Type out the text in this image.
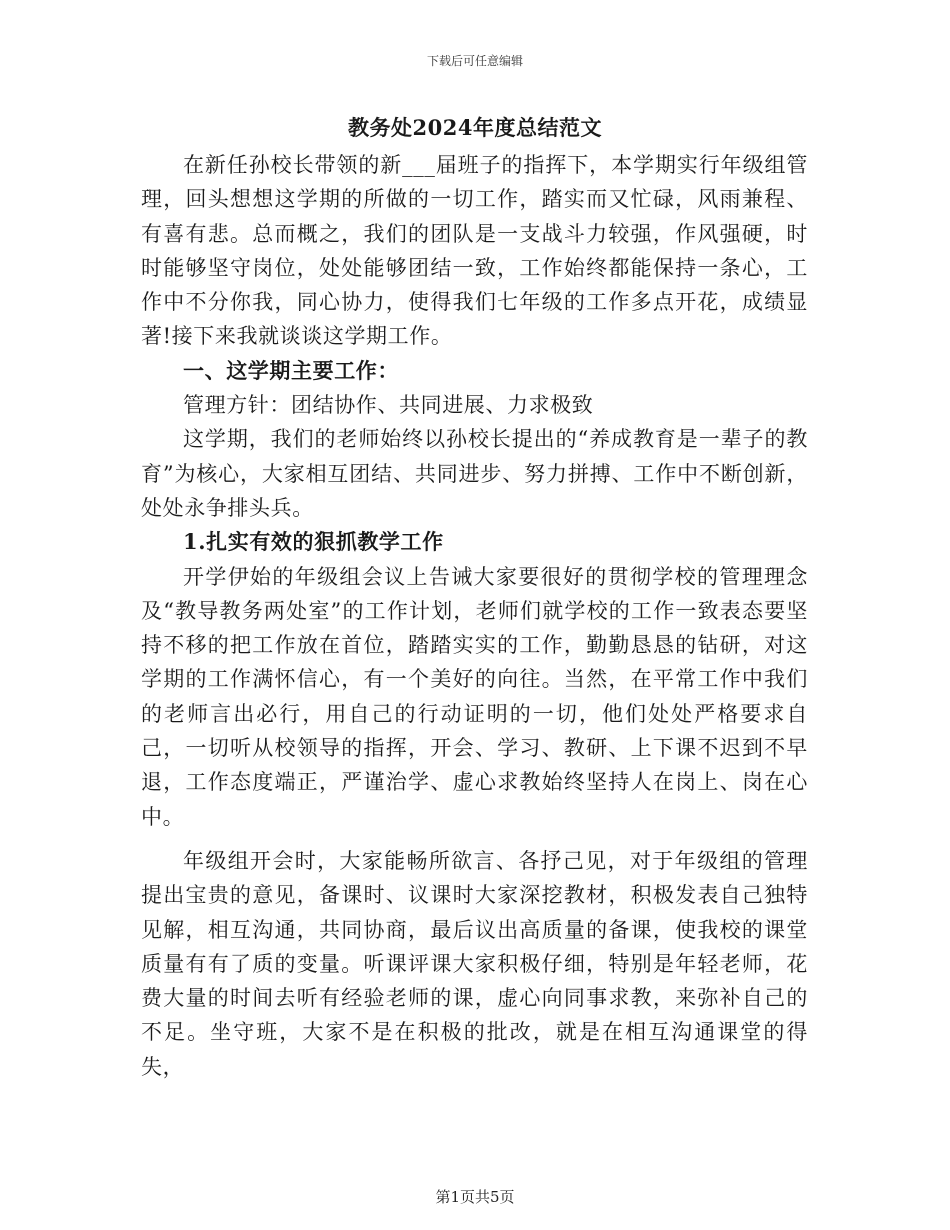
下载后可任意编辑
教务处2024年度总结范文

在新任孙校长带领的新___届班子的指挥下，本学期实行年级组管理，回头想想这学期的所做的一切工作，踏实而又忙碌，风雨兼程、有喜有悲。总而概之，我们的团队是一支战斗力较强，作风强硬，时时能够坚守岗位，处处能够团结一致，工作始终都能保持一条心，工作中不分你我，同心协力，使得我们七年级的工作多点开花，成绩显著!接下来我就谈谈这学期工作。

一、这学期主要工作：

管理方针：团结协作、共同进展、力求极致

这学期，我们的老师始终以孙校长提出的“养成教育是一辈子的教育”为核心，大家相互团结、共同进步、努力拼搏、工作中不断创新，处处永争排头兵。

1.扎实有效的狠抓教学工作

开学伊始的年级组会议上告诫大家要很好的贯彻学校的管理理念及“教导教务两处室”的工作计划，老师们就学校的工作一致表态要坚持不移的把工作放在首位，踏踏实实的工作，勤勤恳恳的钻研，对这学期的工作满怀信心，有一个美好的向往。当然，在平常工作中我们的老师言出必行，用自己的行动证明的一切，他们处处严格要求自己，一切听从校领导的指挥，开会、学习、教研、上下课不迟到不早退，工作态度端正，严谨治学、虚心求教始终坚持人在岗上、岗在心中。

年级组开会时，大家能畅所欲言、各抒己见，对于年级组的管理提出宝贵的意见，备课时、议课时大家深挖教材，积极发表自己独特见解，相互沟通，共同协商，最后议出高质量的备课，使我校的课堂质量有有了质的变量。听课评课大家积极仔细，特别是年轻老师，花费大量的时间去听有经验老师的课，虚心向同事求教，来弥补自己的不足。坐守班，大家不是在积极的批改，就是在相互沟通课堂的得失，

第1页共5页
